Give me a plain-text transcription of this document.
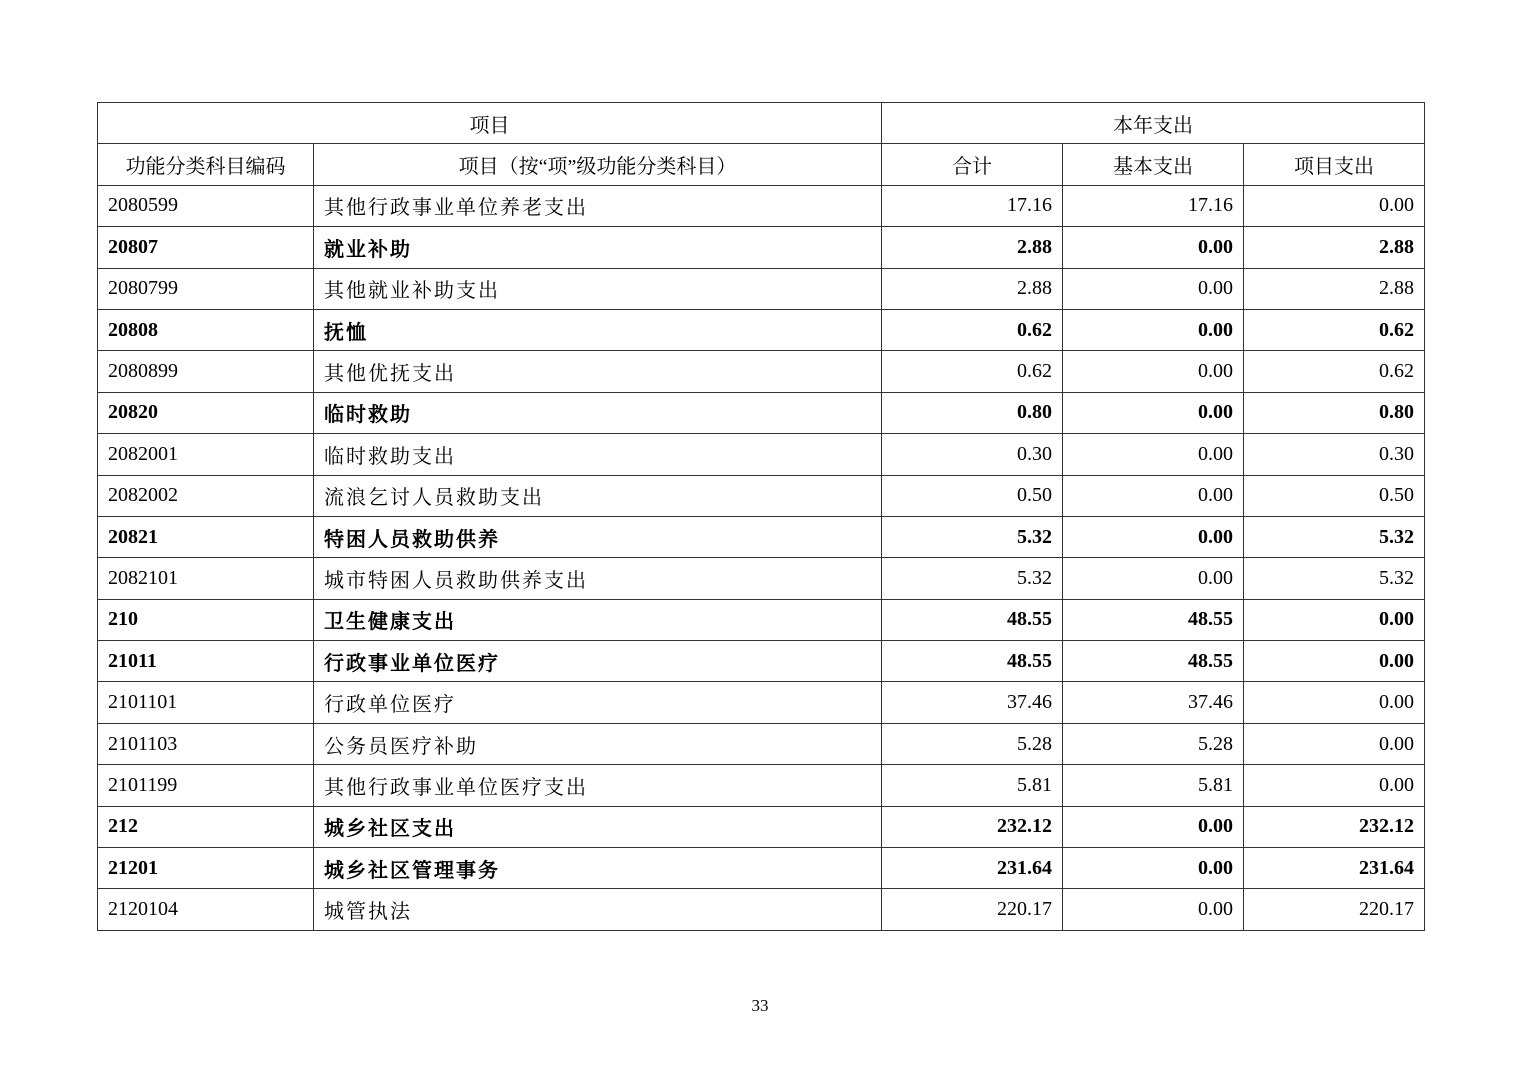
项目		本年支出		
功能分类科目编码	项目（按“项”级功能分类科目）	合计	基本支出	项目支出
2080599	其他行政事业单位养老支出	17.16	17.16	0.00
20807	就业补助	2.88	0.00	2.88
2080799	其他就业补助支出	2.88	0.00	2.88
20808	抚恤	0.62	0.00	0.62
2080899	其他优抚支出	0.62	0.00	0.62
20820	临时救助	0.80	0.00	0.80
2082001	临时救助支出	0.30	0.00	0.30
2082002	流浪乞讨人员救助支出	0.50	0.00	0.50
20821	特困人员救助供养	5.32	0.00	5.32
2082101	城市特困人员救助供养支出	5.32	0.00	5.32
210	卫生健康支出	48.55	48.55	0.00
21011	行政事业单位医疗	48.55	48.55	0.00
2101101	行政单位医疗	37.46	37.46	0.00
2101103	公务员医疗补助	5.28	5.28	0.00
2101199	其他行政事业单位医疗支出	5.81	5.81	0.00
212	城乡社区支出	232.12	0.00	232.12
21201	城乡社区管理事务	231.64	0.00	231.64
2120104	城管执法	220.17	0.00	220.17
33
